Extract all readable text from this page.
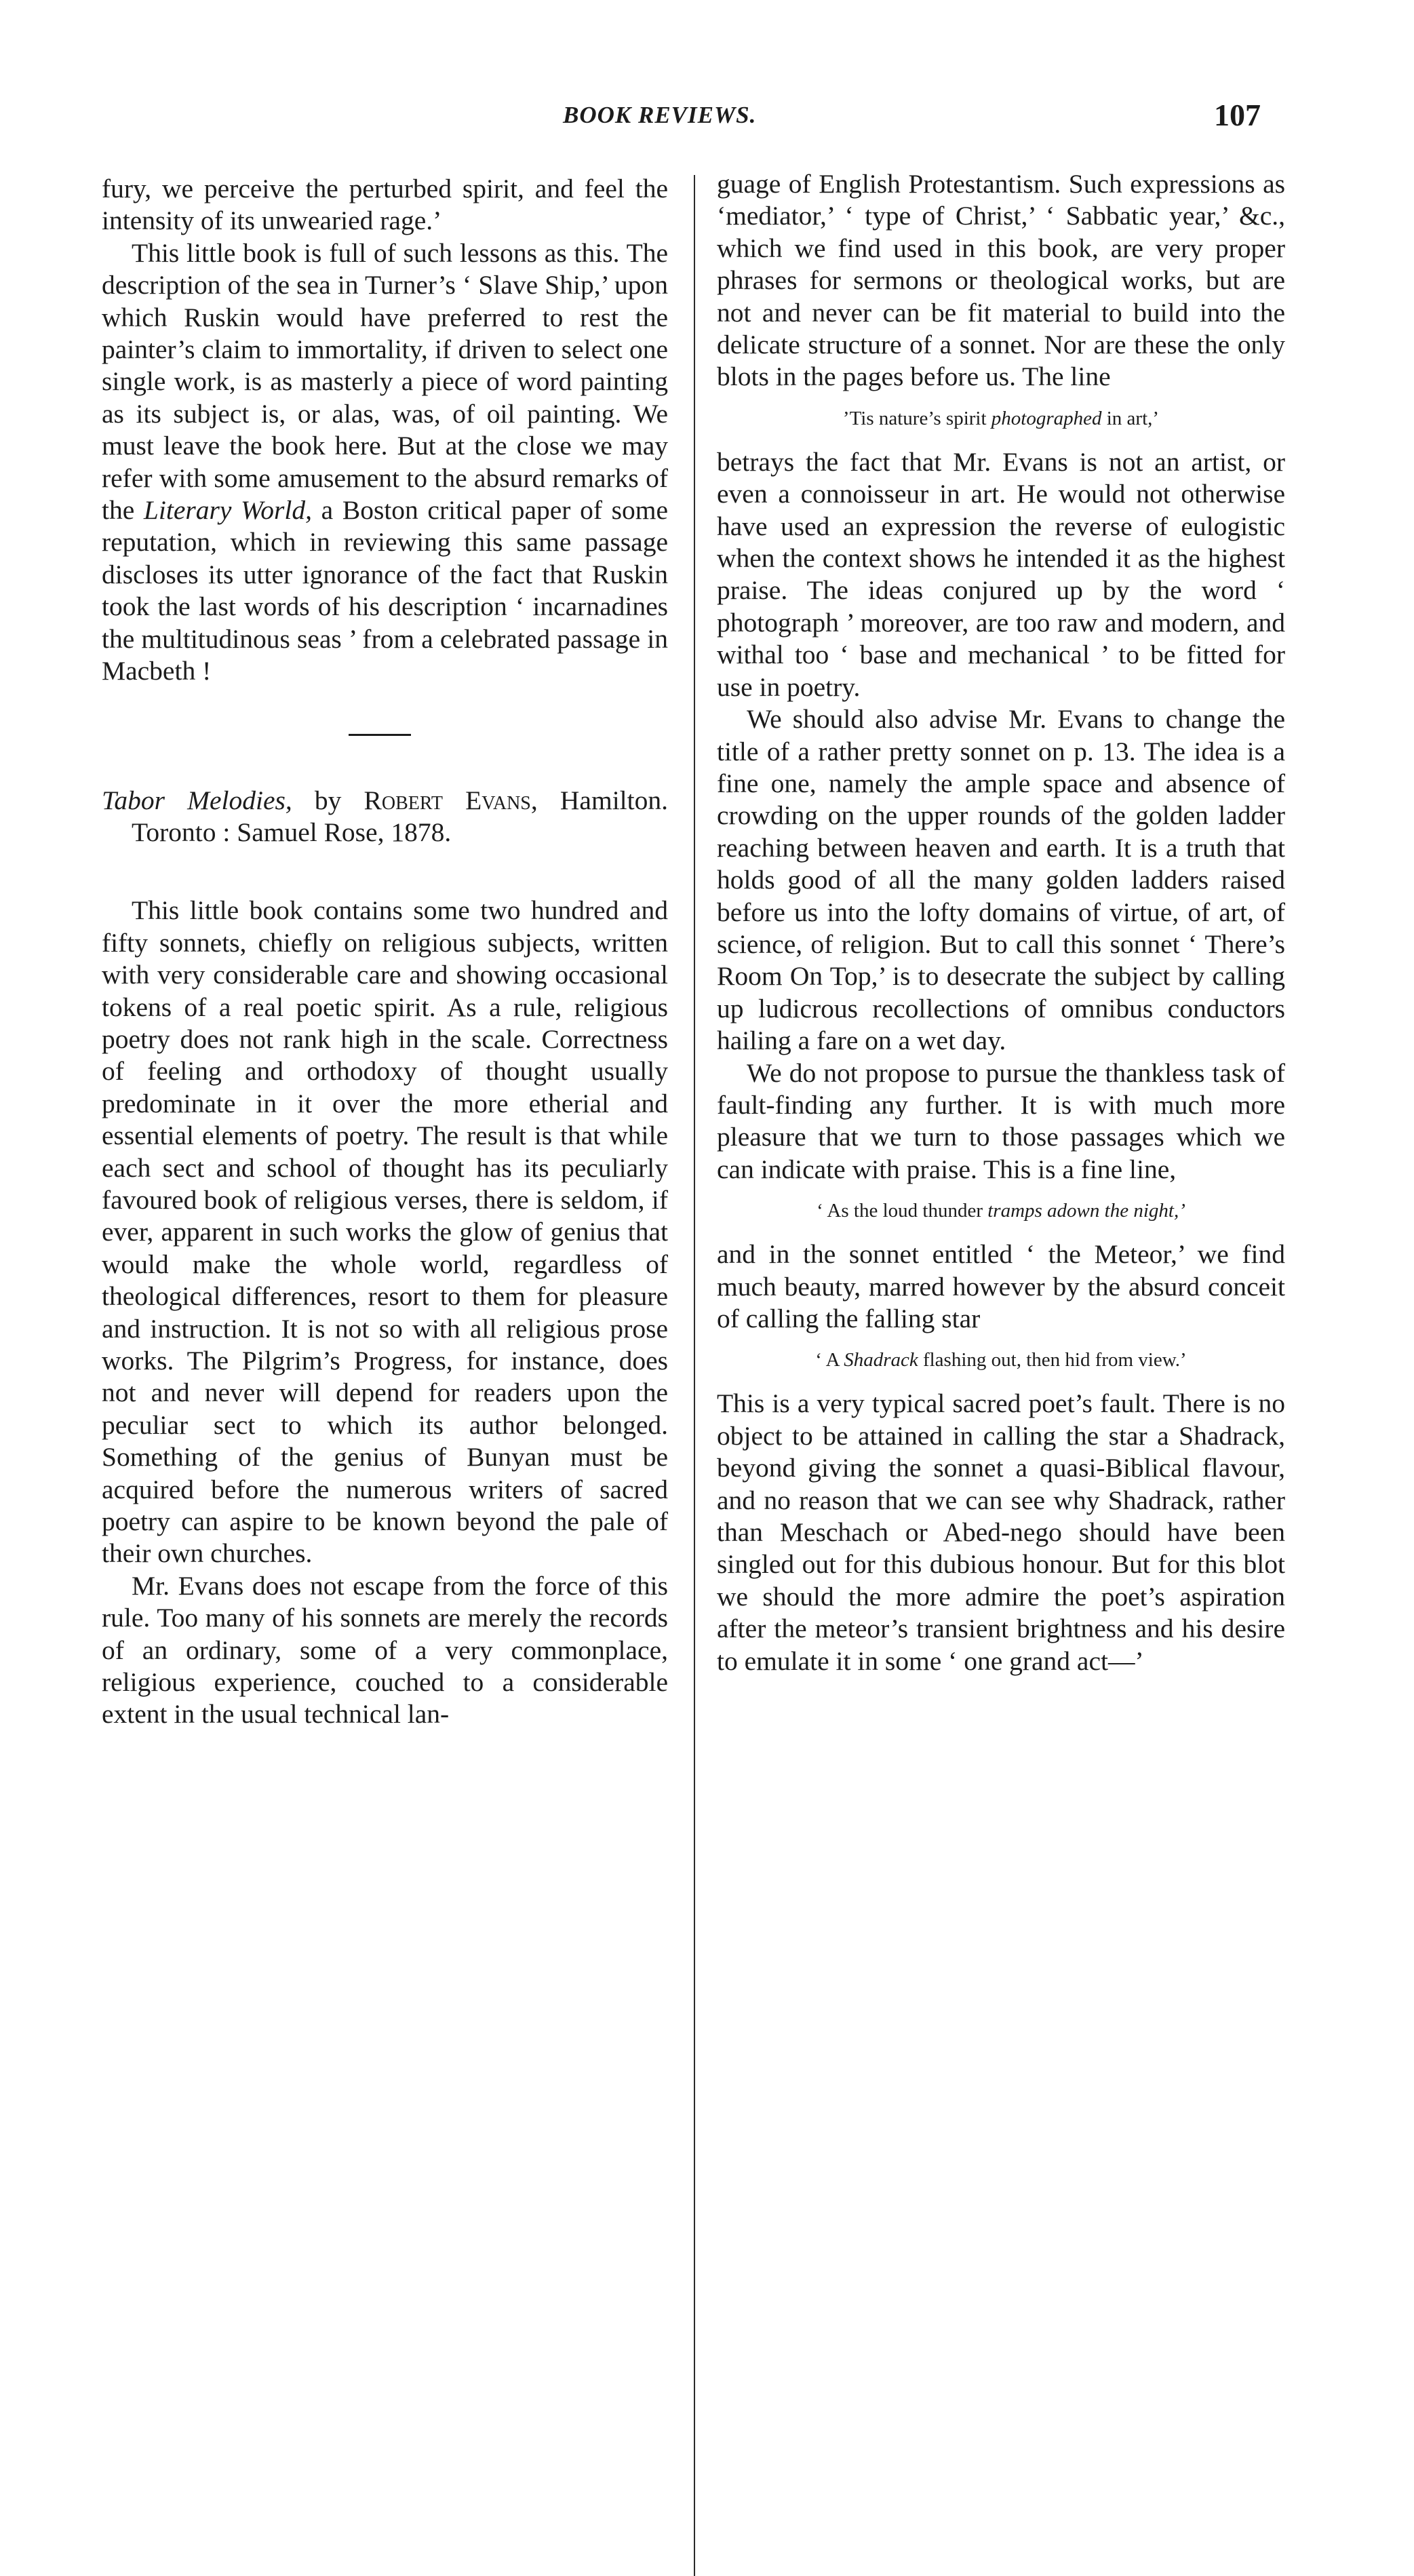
BOOK REVIEWS.	107

fury, we perceive the perturbed spirit, and feel the intensity of its unwearied rage.’

This little book is full of such lessons as this. The description of the sea in Turner’s ‘ Slave Ship,’ upon which Ruskin would have preferred to rest the painter’s claim to immortality, if driven to select one single work, is as masterly a piece of word painting as its subject is, or alas, was, of oil painting. We must leave the book here. But at the close we may refer with some amusement to the absurd remarks of the Literary World, a Boston critical paper of some reputation, which in reviewing this same passage discloses its utter ignorance of the fact that Ruskin took the last words of his description ‘ incarnadines the multitudinous seas ’ from a celebrated passage in Macbeth !

Tabor Melodies, by Robert Evans, Hamilton. Toronto : Samuel Rose, 1878.

This little book contains some two hundred and fifty sonnets, chiefly on religious subjects, written with very considerable care and showing occasional tokens of a real poetic spirit. As a rule, religious poetry does not rank high in the scale. Correctness of feeling and orthodoxy of thought usually predominate in it over the more etherial and essential elements of poetry. The result is that while each sect and school of thought has its peculiarly favoured book of religious verses, there is seldom, if ever, apparent in such works the glow of genius that would make the whole world, regardless of theological differences, resort to them for pleasure and instruction. It is not so with all religious prose works. The Pilgrim’s Progress, for instance, does not and never will depend for readers upon the peculiar sect to which its author belonged. Something of the genius of Bunyan must be acquired before the numerous writers of sacred poetry can aspire to be known beyond the pale of their own churches.

Mr. Evans does not escape from the force of this rule. Too many of his sonnets are merely the records of an ordinary, some of a very commonplace, religious experience, couched to a considerable extent in the usual technical lan-

guage of English Protestantism. Such expressions as ‘mediator,’ ‘ type of Christ,’ ‘ Sabbatic year,’ &c., which we find used in this book, are very proper phrases for sermons or theological works, but are not and never can be fit material to build into the delicate structure of a sonnet. Nor are these the only blots in the pages before us. The line

’Tis nature’s spirit photographed in art,’

betrays the fact that Mr. Evans is not an artist, or even a connoisseur in art. He would not otherwise have used an expression the reverse of eulogistic when the context shows he intended it as the highest praise. The ideas conjured up by the word ‘ photograph ’ moreover, are too raw and modern, and withal too ‘ base and mechanical ’ to be fitted for use in poetry.

We should also advise Mr. Evans to change the title of a rather pretty sonnet on p. 13. The idea is a fine one, namely the ample space and absence of crowding on the upper rounds of the golden ladder reaching between heaven and earth. It is a truth that holds good of all the many golden ladders raised before us into the lofty domains of virtue, of art, of science, of religion. But to call this sonnet ‘ There’s Room On Top,’ is to desecrate the subject by calling up ludicrous recollections of omnibus conductors hailing a fare on a wet day.

We do not propose to pursue the thankless task of fault-finding any further. It is with much more pleasure that we turn to those passages which we can indicate with praise. This is a fine line,

‘ As the loud thunder tramps adown the night,’

and in the sonnet entitled ‘ the Meteor,’ we find much beauty, marred however by the absurd conceit of calling the falling star

‘ A Shadrack flashing out, then hid from view.’

This is a very typical sacred poet’s fault. There is no object to be attained in calling the star a Shadrack, beyond giving the sonnet a quasi-Biblical flavour, and no reason that we can see why Shadrack, rather than Meschach or Abed-nego should have been singled out for this dubious honour. But for this blot we should the more admire the poet’s aspiration after the meteor’s transient brightness and his desire to emulate it in some ‘ one grand act—’
